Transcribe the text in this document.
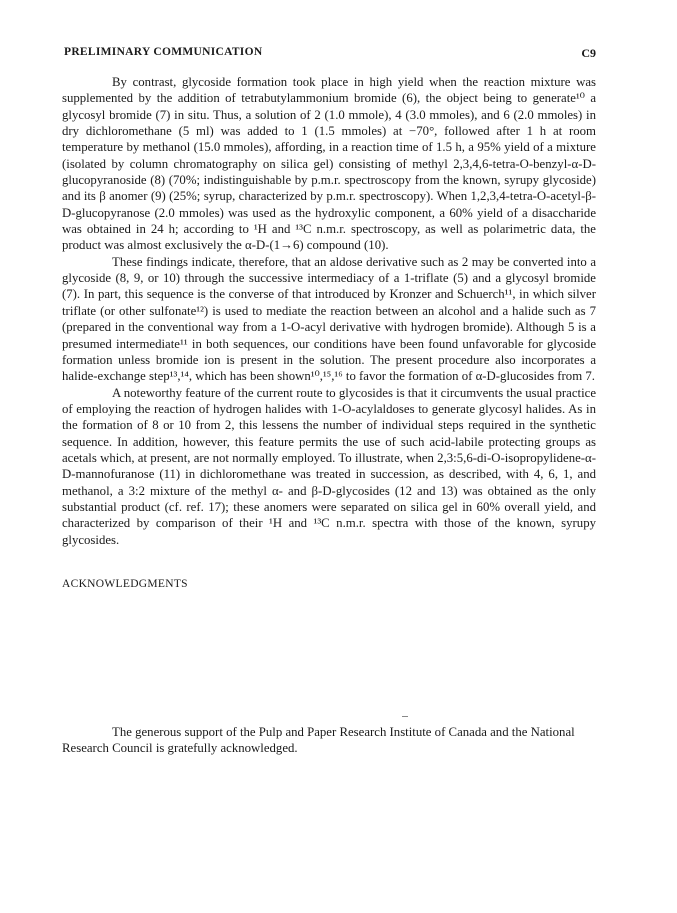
PRELIMINARY COMMUNICATION	C9

By contrast, glycoside formation took place in high yield when the reaction mixture was supplemented by the addition of tetrabutylammonium bromide (6), the object being to generate¹⁰ a glycosyl bromide (7) in situ. Thus, a solution of 2 (1.0 mmole), 4 (3.0 mmoles), and 6 (2.0 mmoles) in dry dichloromethane (5 ml) was added to 1 (1.5 mmoles) at −70°, followed after 1 h at room temperature by methanol (15.0 mmoles), affording, in a reaction time of 1.5 h, a 95% yield of a mixture (isolated by column chromatography on silica gel) consisting of methyl 2,3,4,6-tetra-O-benzyl-α-D-glucopyranoside (8) (70%; indistinguishable by p.m.r. spectroscopy from the known, syrupy glycoside) and its β anomer (9) (25%; syrup, characterized by p.m.r. spectroscopy). When 1,2,3,4-tetra-O-acetyl-β-D-glucopyranose (2.0 mmoles) was used as the hydroxylic component, a 60% yield of a disaccharide was obtained in 24 h; according to ¹H and ¹³C n.m.r. spectroscopy, as well as polarimetric data, the product was almost exclusively the α-D-(1→6) compound (10).

These findings indicate, therefore, that an aldose derivative such as 2 may be converted into a glycoside (8, 9, or 10) through the successive intermediacy of a 1-triflate (5) and a glycosyl bromide (7). In part, this sequence is the converse of that introduced by Kronzer and Schuerch¹¹, in which silver triflate (or other sulfonate¹²) is used to mediate the reaction between an alcohol and a halide such as 7 (prepared in the conventional way from a 1-O-acyl derivative with hydrogen bromide). Although 5 is a presumed intermediate¹¹ in both sequences, our conditions have been found unfavorable for glycoside formation unless bromide ion is present in the solution. The present procedure also incorporates a halide-exchange step¹³,¹⁴, which has been shown¹⁰,¹⁵,¹⁶ to favor the formation of α-D-glucosides from 7.

A noteworthy feature of the current route to glycosides is that it circumvents the usual practice of employing the reaction of hydrogen halides with 1-O-acylaldoses to generate glycosyl halides. As in the formation of 8 or 10 from 2, this lessens the number of individual steps required in the synthetic sequence. In addition, however, this feature permits the use of such acid-labile protecting groups as acetals which, at present, are not normally employed. To illustrate, when 2,3:5,6-di-O-isopropylidene-α-D-mannofuranose (11) in dichloromethane was treated in succession, as described, with 4, 6, 1, and methanol, a 3:2 mixture of the methyl α- and β-D-glycosides (12 and 13) was obtained as the only substantial product (cf. ref. 17); these anomers were separated on silica gel in 60% overall yield, and characterized by comparison of their ¹H and ¹³C n.m.r. spectra with those of the known, syrupy glycosides.

ACKNOWLEDGMENTS

The generous support of the Pulp and Paper Research Institute of Canada and the National Research Council is gratefully acknowledged.
